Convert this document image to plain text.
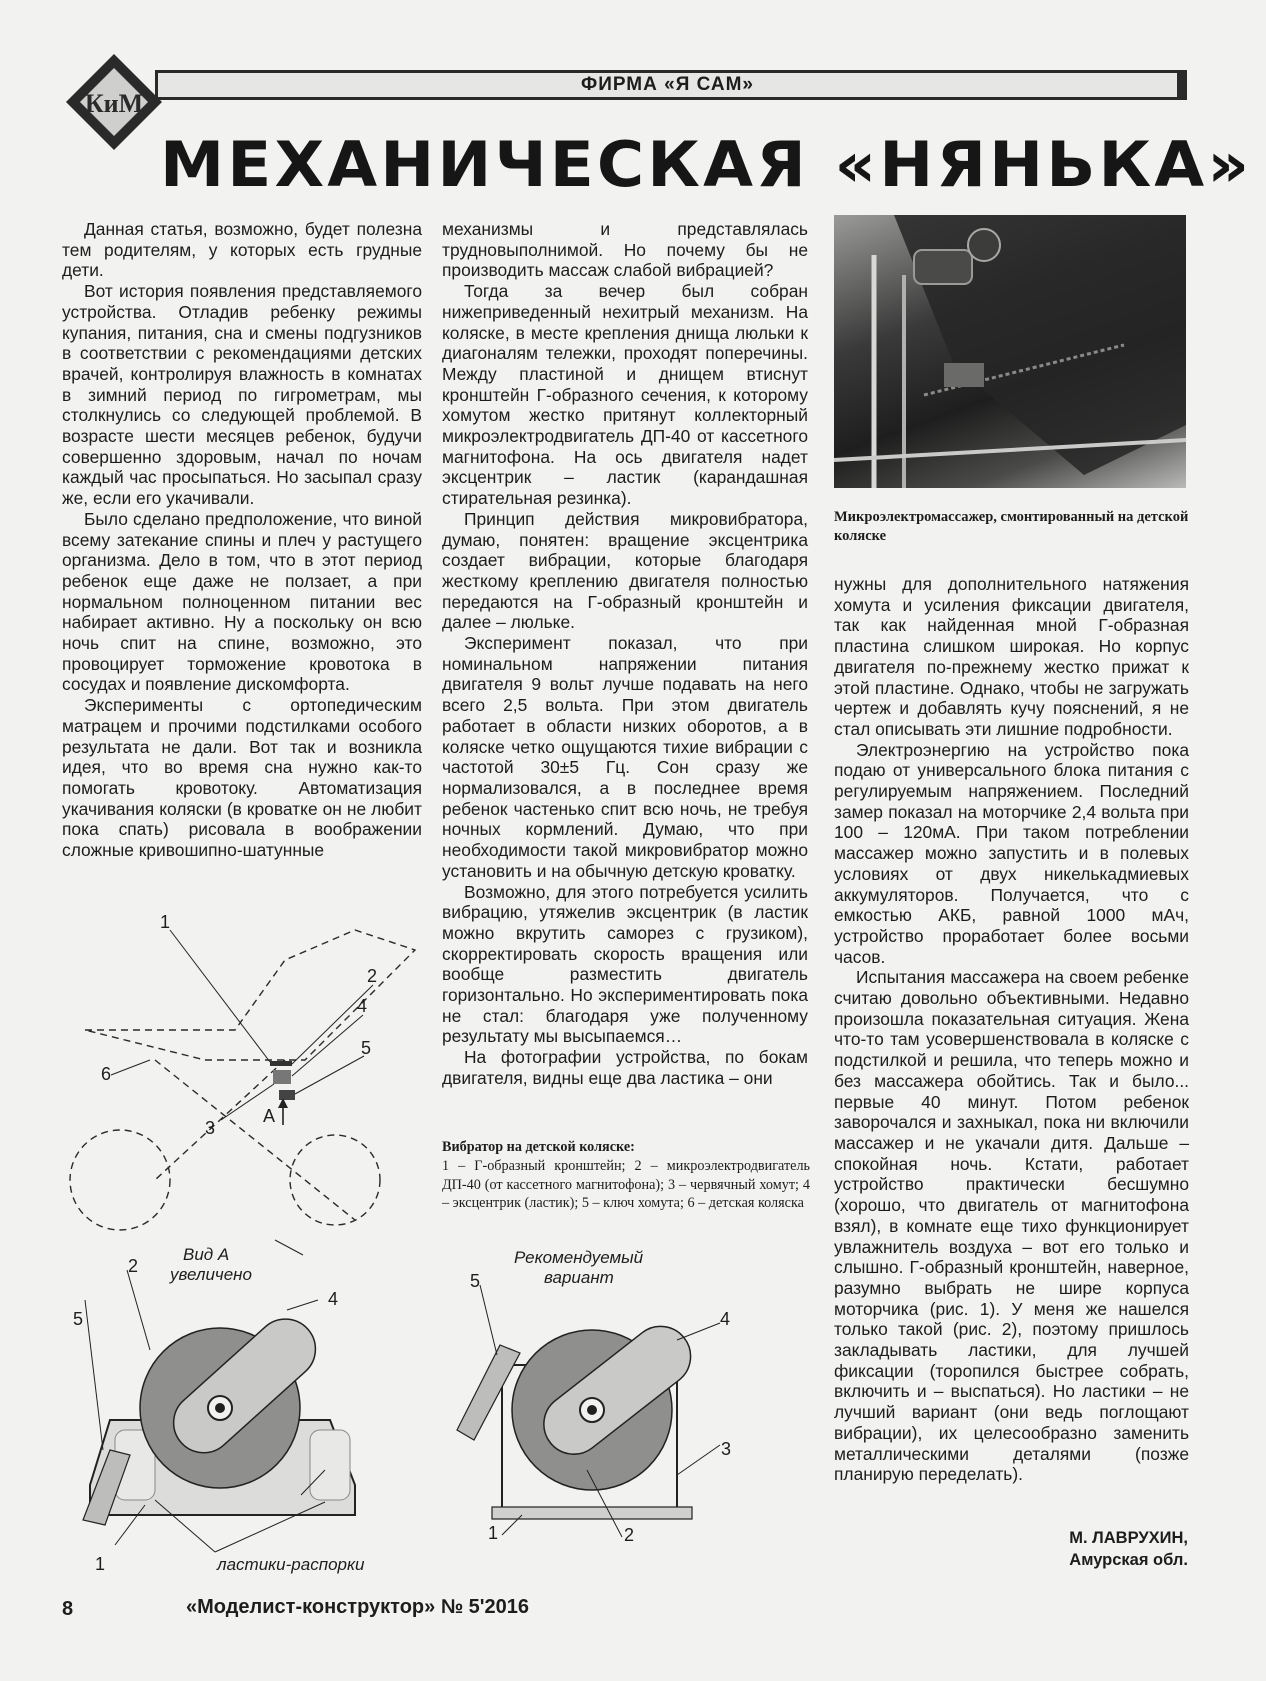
КиМ
ФИРМА «Я САМ»
МЕХАНИЧЕСКАЯ «НЯНЬКА»

Данная статья, возможно, будет полезна тем родителям, у которых есть грудные дети.

Вот история появления представляемого устройства. Отладив ребенку режимы купания, питания, сна и смены подгузников в соответствии с рекомендациями детских врачей, контролируя влажность в комнатах в зимний период по гигрометрам, мы столкнулись со следующей проблемой. В возрасте шести месяцев ребенок, будучи совершенно здоровым, начал по ночам каждый час просыпаться. Но засыпал сразу же, если его укачивали.

Было сделано предположение, что виной всему затекание спины и плеч у растущего организма. Дело в том, что в этот период ребенок еще даже не ползает, а при нормальном полноценном питании вес набирает активно. Ну а поскольку он всю ночь спит на спине, возможно, это провоцирует торможение кровотока в сосудах и появление дискомфорта.

Эксперименты с ортопедическим матрацем и прочими подстилками особого результата не дали. Вот так и возникла идея, что во время сна нужно как-то помогать кровотоку. Автоматизация укачивания коляски (в кроватке он не любит пока спать) рисовала в воображении сложные кривошипно-шатунные

механизмы и представлялась трудновыполнимой. Но почему бы не производить массаж слабой вибрацией?

Тогда за вечер был собран нижеприведенный нехитрый механизм. На коляске, в месте крепления днища люльки к диагоналям тележки, проходят поперечины. Между пластиной и днищем втиснут кронштейн Г-образного сечения, к которому хомутом жестко притянут коллекторный микроэлектродвигатель ДП-40 от кассетного магнитофона. На ось двигателя надет эксцентрик – ластик (карандашная стирательная резинка).

Принцип действия микровибратора, думаю, понятен: вращение эксцентрика создает вибрации, которые благодаря жесткому креплению двигателя полностью передаются на Г-образный кронштейн и далее – люльке.

Эксперимент показал, что при номинальном напряжении питания двигателя 9 вольт лучше подавать на него всего 2,5 вольта. При этом двигатель работает в области низких оборотов, а в коляске четко ощущаются тихие вибрации с частотой 30±5 Гц. Сон сразу же нормализовался, а в последнее время ребенок частенько спит всю ночь, не требуя ночных кормлений. Думаю, что при необходимости такой микровибратор можно установить и на обычную детскую кроватку.

Возможно, для этого потребуется усилить вибрацию, утяжелив эксцентрик (в ластик можно вкрутить саморез с грузиком), скорректировать скорость вращения или вообще разместить двигатель горизонтально. Но экспериментировать пока не стал: благодаря уже полученному результату мы высыпаемся…

На фотографии устройства, по бокам двигателя, видны еще два ластика – они

Вибратор на детской коляске:
1 – Г-образный кронштейн; 2 – микроэлектродвигатель ДП-40 (от кассетного магнитофона); 3 – червячный хомут; 4 – эксцентрик (ластик); 5 – ключ хомута; 6 – детская коляска
Микроэлектромассажер, смонтированный на детской коляске

нужны для дополнительного натяжения хомута и усиления фиксации двигателя, так как найденная мной Г-образная пластина слишком широкая. Но корпус двигателя по-прежнему жестко прижат к этой пластине. Однако, чтобы не загружать чертеж и добавлять кучу пояснений, я не стал описывать эти лишние подробности.

Электроэнергию на устройство пока подаю от универсального блока питания с регулируемым напряжением. Последний замер показал на моторчике 2,4 вольта при 100 – 120мА. При таком потреблении массажер можно запустить и в полевых условиях от двух никелькадмиевых аккумуляторов. Получается, что с емкостью АКБ, равной 1000 мАч, устройство проработает более восьми часов.

Испытания массажера на своем ребенке считаю довольно объективными. Недавно произошла показательная ситуация. Жена что-то там усовершенствовала в коляске с подстилкой и решила, что теперь можно и без массажера обойтись. Так и было... первые 40 минут. Потом ребенок заворочался и захныкал, пока ни включили массажер и не укачали дитя. Дальше – спокойная ночь. Кстати, работает устройство практически бесшумно (хорошо, что двигатель от магнитофона взял), в комнате еще тихо функционирует увлажнитель воздуха – вот его только и слышно. Г-образный кронштейн, наверное, разумно выбрать не шире корпуса моторчика (рис. 1). У меня же нашелся только такой (рис. 2), поэтому пришлось закладывать ластики, для лучшей фиксации (торопился быстрее собрать, включить и – выспаться). Но ластики – не лучший вариант (они ведь поглощают вибрации), их целесообразно заменить металлическими деталями (позже планирую переделать).

М. ЛАВРУХИН,
Амурская обл.
1
2
4
5
3
6
А
Вид А
увеличено
2
4
5
1	ластики-распорки
Рекомендуемый
вариант
5
4
3
1	2
8	«Моделист-конструктор» № 5'2016
